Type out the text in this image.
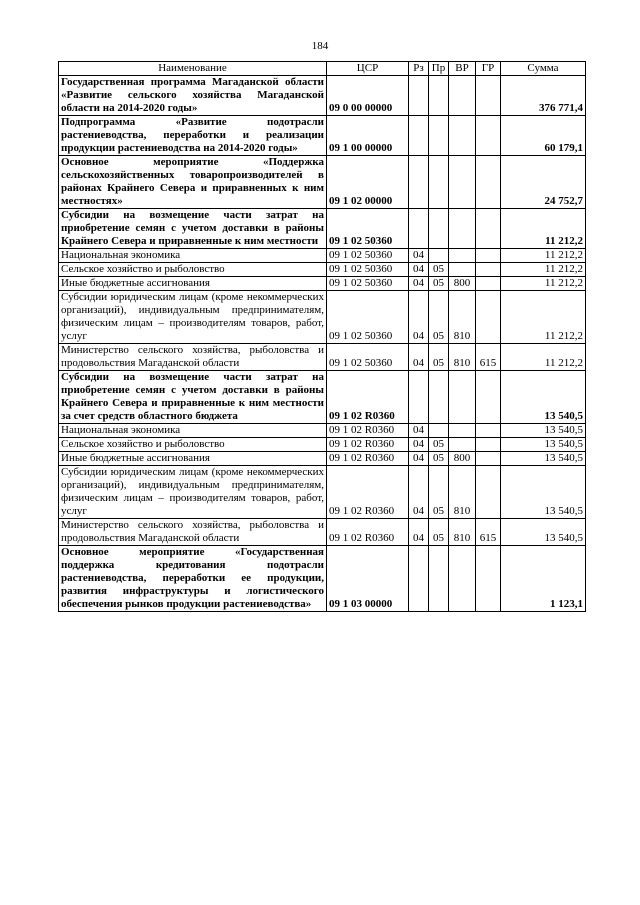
184
Наименование	ЦСР	Рз	Пр	ВР	ГР	Сумма
Государственная программа Магаданской области «Развитие сельского хозяйства Магаданской области на 2014-2020 годы»	09 0 00 00000					376 771,4
Подпрограмма «Развитие подотрасли растениеводства, переработки и реализации продукции растениеводства на 2014-2020 годы»	09 1 00 00000					60 179,1
Основное мероприятие «Поддержка сельскохозяйственных товаропроизводителей в районах Крайнего Севера и приравненных к ним местностях»	09 1 02 00000					24 752,7
Субсидии на возмещение части затрат на приобретение семян с учетом доставки в районы Крайнего Севера и приравненные к ним местности	09 1 02 50360					11 212,2
Национальная экономика	09 1 02 50360	04				11 212,2
Сельское хозяйство и рыболовство	09 1 02 50360	04	05			11 212,2
Иные бюджетные ассигнования	09 1 02 50360	04	05	800		11 212,2
Субсидии юридическим лицам (кроме некоммерческих организаций), индивидуальным предпринимателям, физическим лицам – производителям товаров, работ, услуг	09 1 02 50360	04	05	810		11 212,2
Министерство сельского хозяйства, рыболовства и продовольствия Магаданской области	09 1 02 50360	04	05	810	615	11 212,2
Субсидии на возмещение части затрат на приобретение семян с учетом доставки в районы Крайнего Севера и приравненные к ним местности за счет средств областного бюджета	09 1 02 R0360					13 540,5
Национальная экономика	09 1 02 R0360	04				13 540,5
Сельское хозяйство и рыболовство	09 1 02 R0360	04	05			13 540,5
Иные бюджетные ассигнования	09 1 02 R0360	04	05	800		13 540,5
Субсидии юридическим лицам (кроме некоммерческих организаций), индивидуальным предпринимателям, физическим лицам – производителям товаров, работ, услуг	09 1 02 R0360	04	05	810		13 540,5
Министерство сельского хозяйства, рыболовства и продовольствия Магаданской области	09 1 02 R0360	04	05	810	615	13 540,5
Основное мероприятие «Государственная поддержка кредитования подотрасли растениеводства, переработки ее продукции, развития инфраструктуры и логистического обеспечения рынков продукции растениеводства»	09 1 03 00000					1 123,1
